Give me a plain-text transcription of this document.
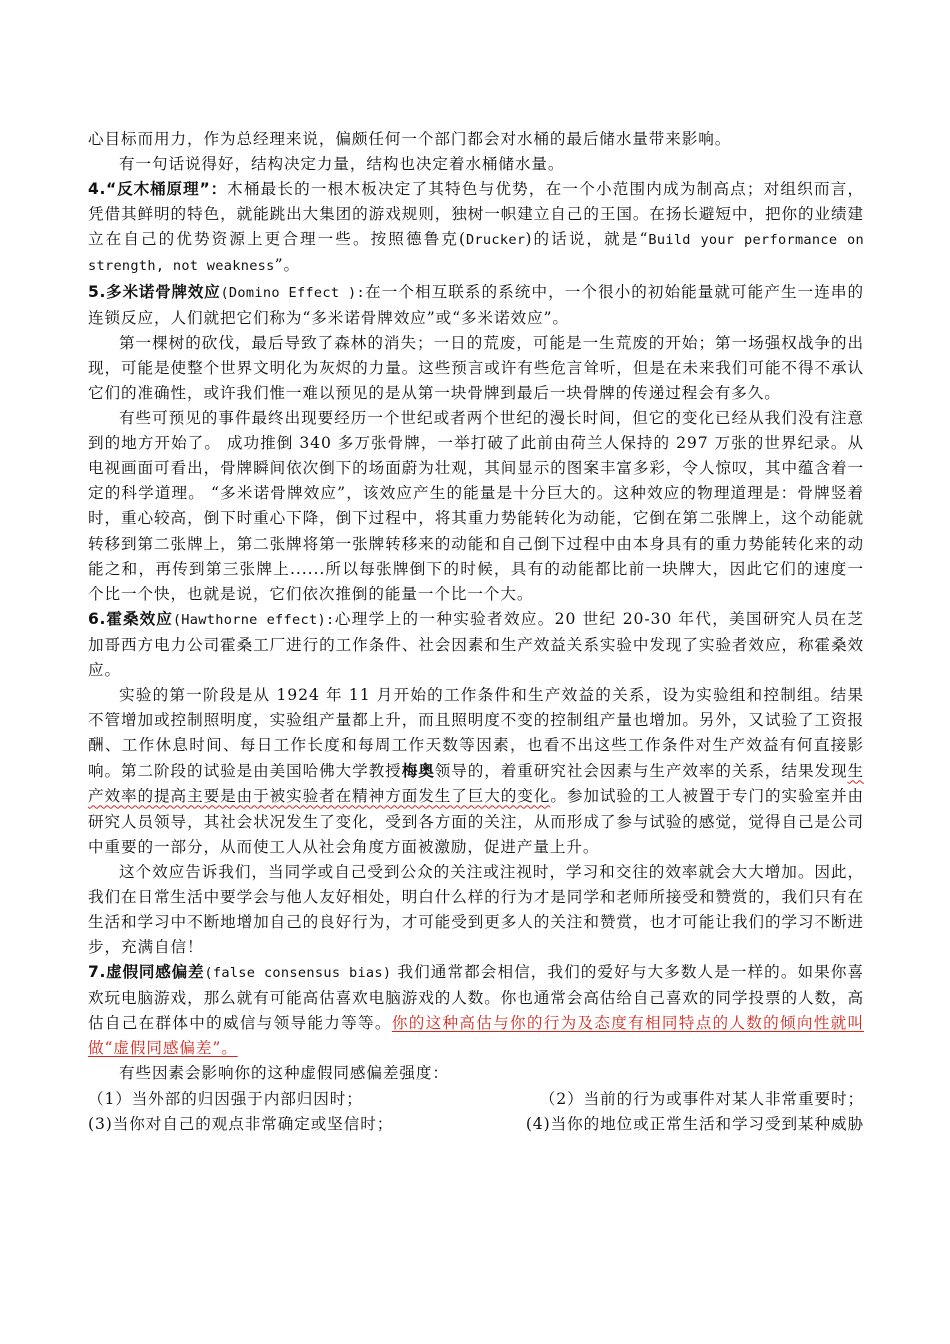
心目标而用力，作为总经理来说，偏颇任何一个部门都会对水桶的最后储水量带来影响。

有一句话说得好，结构决定力量，结构也决定着水桶储水量。

4.“反木桶原理”：木桶最长的一根木板决定了其特色与优势，在一个小范围内成为制高点；对组织而言，凭借其鲜明的特色，就能跳出大集团的游戏规则，独树一帜建立自己的王国。在扬长避短中，把你的业绩建立在自己的优势资源上更合理一些。按照德鲁克(Drucker)的话说，就是“Build your performance on strength, not weakness”。

5.多米诺骨牌效应(Domino Effect ):在一个相互联系的系统中，一个很小的初始能量就可能产生一连串的连锁反应，人们就把它们称为“多米诺骨牌效应”或“多米诺效应”。

第一棵树的砍伐，最后导致了森林的消失；一日的荒废，可能是一生荒废的开始；第一场强权战争的出现，可能是使整个世界文明化为灰烬的力量。这些预言或许有些危言耸听，但是在未来我们可能不得不承认它们的准确性，或许我们惟一难以预见的是从第一块骨牌到最后一块骨牌的传递过程会有多久。

有些可预见的事件最终出现要经历一个世纪或者两个世纪的漫长时间，但它的变化已经从我们没有注意到的地方开始了。 成功推倒 340 多万张骨牌，一举打破了此前由荷兰人保持的 297 万张的世界纪录。从电视画面可看出，骨牌瞬间依次倒下的场面蔚为壮观，其间显示的图案丰富多彩，令人惊叹，其中蕴含着一定的科学道理。 “多米诺骨牌效应”，该效应产生的能量是十分巨大的。这种效应的物理道理是：骨牌竖着时，重心较高，倒下时重心下降，倒下过程中，将其重力势能转化为动能，它倒在第二张牌上，这个动能就转移到第二张牌上，第二张牌将第一张牌转移来的动能和自己倒下过程中由本身具有的重力势能转化来的动能之和，再传到第三张牌上......所以每张牌倒下的时候，具有的动能都比前一块牌大，因此它们的速度一个比一个快，也就是说，它们依次推倒的能量一个比一个大。

6.霍桑效应(Hawthorne effect):心理学上的一种实验者效应。20 世纪 20-30 年代，美国研究人员在芝加哥西方电力公司霍桑工厂进行的工作条件、社会因素和生产效益关系实验中发现了实验者效应，称霍桑效应。

实验的第一阶段是从 1924 年 11 月开始的工作条件和生产效益的关系，设为实验组和控制组。结果不管增加或控制照明度，实验组产量都上升，而且照明度不变的控制组产量也增加。另外，又试验了工资报酬、工作休息时间、每日工作长度和每周工作天数等因素，也看不出这些工作条件对生产效益有何直接影响。第二阶段的试验是由美国哈佛大学教授梅奥领导的，着重研究社会因素与生产效率的关系，结果发现生产效率的提高主要是由于被实验者在精神方面发生了巨大的变化。参加试验的工人被置于专门的实验室并由研究人员领导，其社会状况发生了变化，受到各方面的关注，从而形成了参与试验的感觉，觉得自己是公司中重要的一部分，从而使工人从社会角度方面被激励，促进产量上升。

这个效应告诉我们，当同学或自己受到公众的关注或注视时，学习和交往的效率就会大大增加。因此，我们在日常生活中要学会与他人友好相处，明白什么样的行为才是同学和老师所接受和赞赏的，我们只有在生活和学习中不断地增加自己的良好行为，才可能受到更多人的关注和赞赏，也才可能让我们的学习不断进步，充满自信！

7.虚假同感偏差(false consensus bias) 我们通常都会相信，我们的爱好与大多数人是一样的。如果你喜欢玩电脑游戏，那么就有可能高估喜欢电脑游戏的人数。你也通常会高估给自己喜欢的同学投票的人数，高估自己在群体中的威信与领导能力等等。你的这种高估与你的行为及态度有相同特点的人数的倾向性就叫做“虚假同感偏差”。

有些因素会影响你的这种虚假同感偏差强度：

（1）当外部的归因强于内部归因时；	（2）当前的行为或事件对某人非常重要时；
(3)当你对自己的观点非常确定或坚信时；	(4)当你的地位或正常生活和学习受到某种威胁
